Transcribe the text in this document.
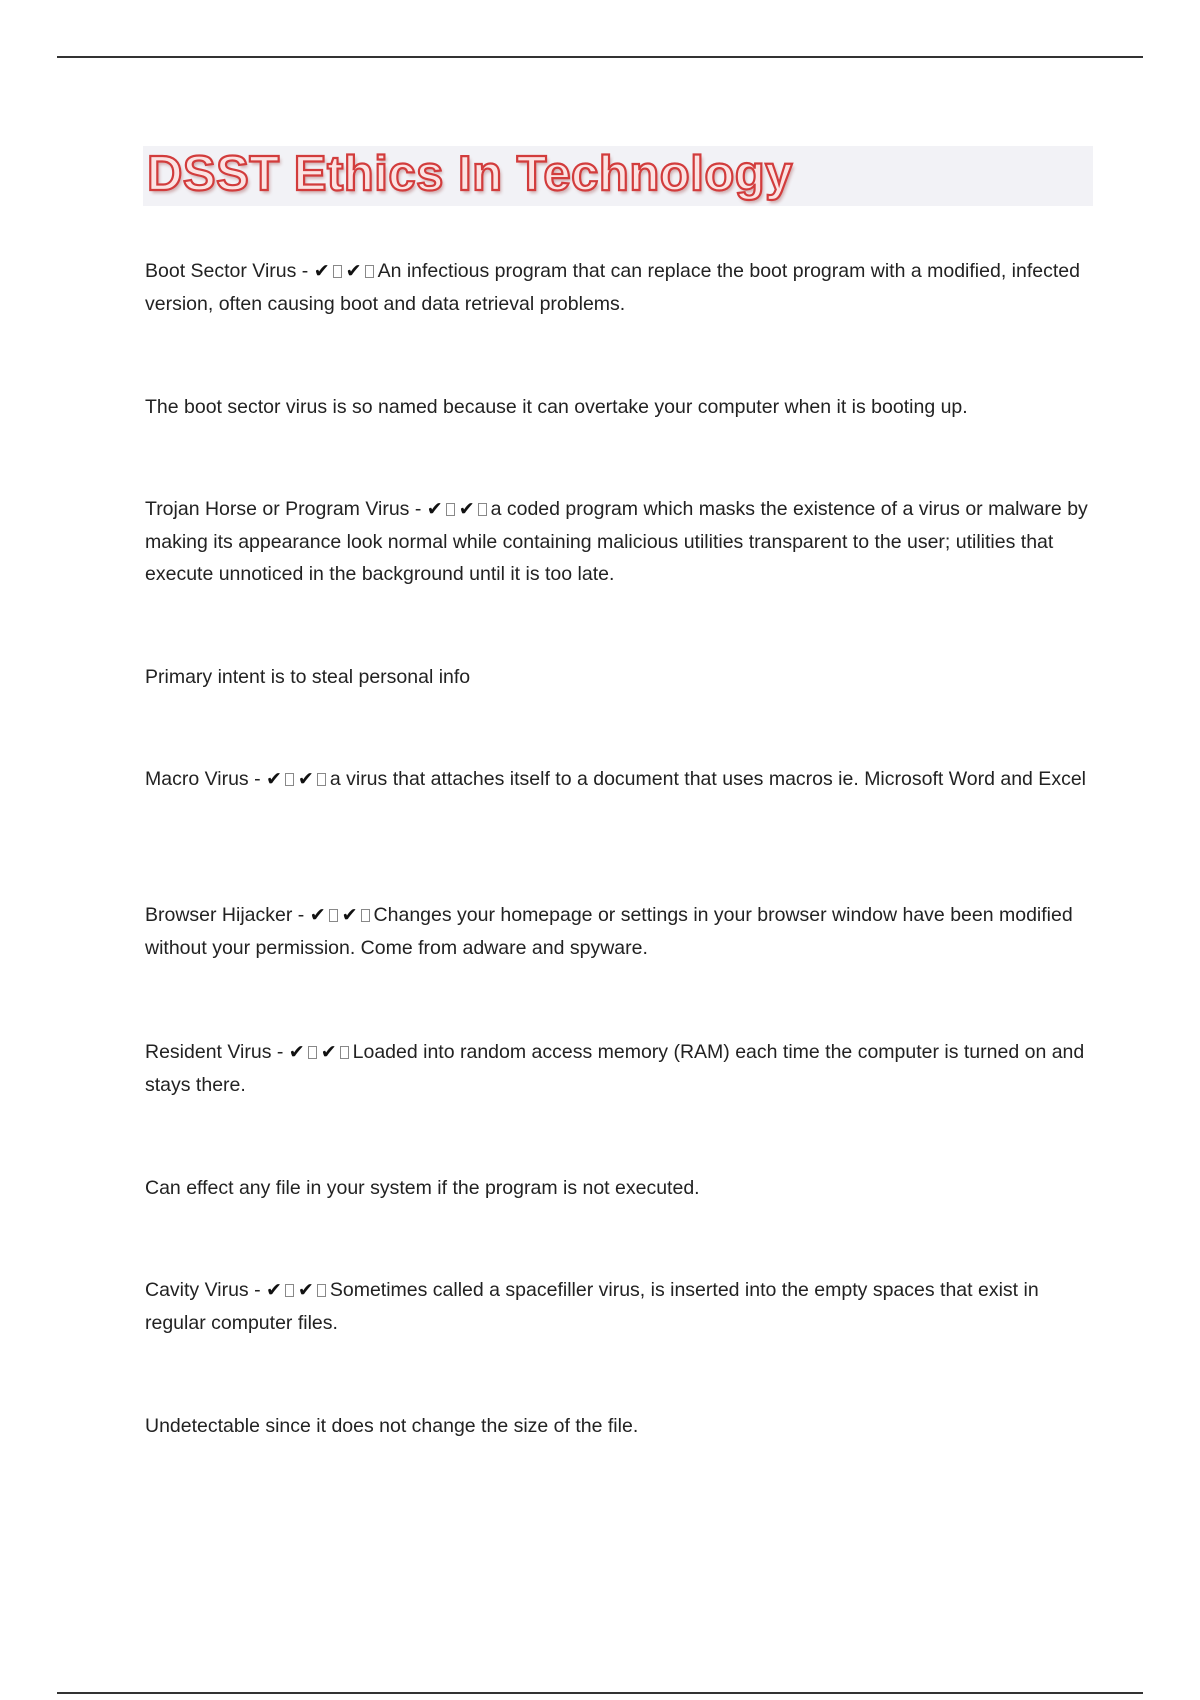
DSST Ethics In Technology
Boot Sector Virus - ✔ ✔ An infectious program that can replace the boot program with a modified, infected version, often causing boot and data retrieval problems.
The boot sector virus is so named because it can overtake your computer when it is booting up.
Trojan Horse or Program Virus - ✔ ✔ a coded program which masks the existence of a virus or malware by making its appearance look normal while containing malicious utilities transparent to the user; utilities that execute unnoticed in the background until it is too late.
Primary intent is to steal personal info
Macro Virus - ✔ ✔ a virus that attaches itself to a document that uses macros ie. Microsoft Word and Excel
Browser Hijacker - ✔ ✔ Changes your homepage or settings in your browser window have been modified without your permission. Come from adware and spyware.
Resident Virus - ✔ ✔ Loaded into random access memory (RAM) each time the computer is turned on and stays there.
Can effect any file in your system if the program is not executed.
Cavity Virus - ✔ ✔ Sometimes called a spacefiller virus, is inserted into the empty spaces that exist in regular computer files.
Undetectable since it does not change the size of the file.
